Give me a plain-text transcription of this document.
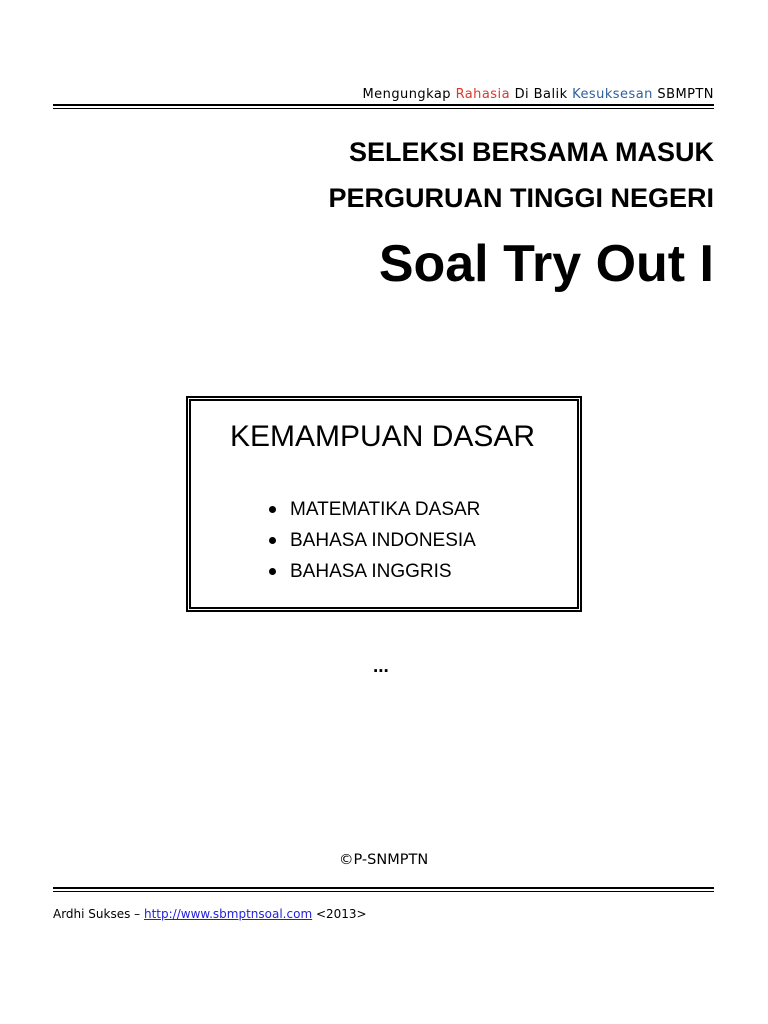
Mengungkap Rahasia Di Balik Kesuksesan SBMPTN
SELEKSI BERSAMA MASUK
PERGURUAN TINGGI NEGERI
Soal Try Out I
KEMAMPUAN DASAR
MATEMATIKA DASAR
BAHASA INDONESIA
BAHASA INGGRIS
...
©P-SNMPTN
Ardhi Sukses – http://www.sbmptnsoal.com <2013>
